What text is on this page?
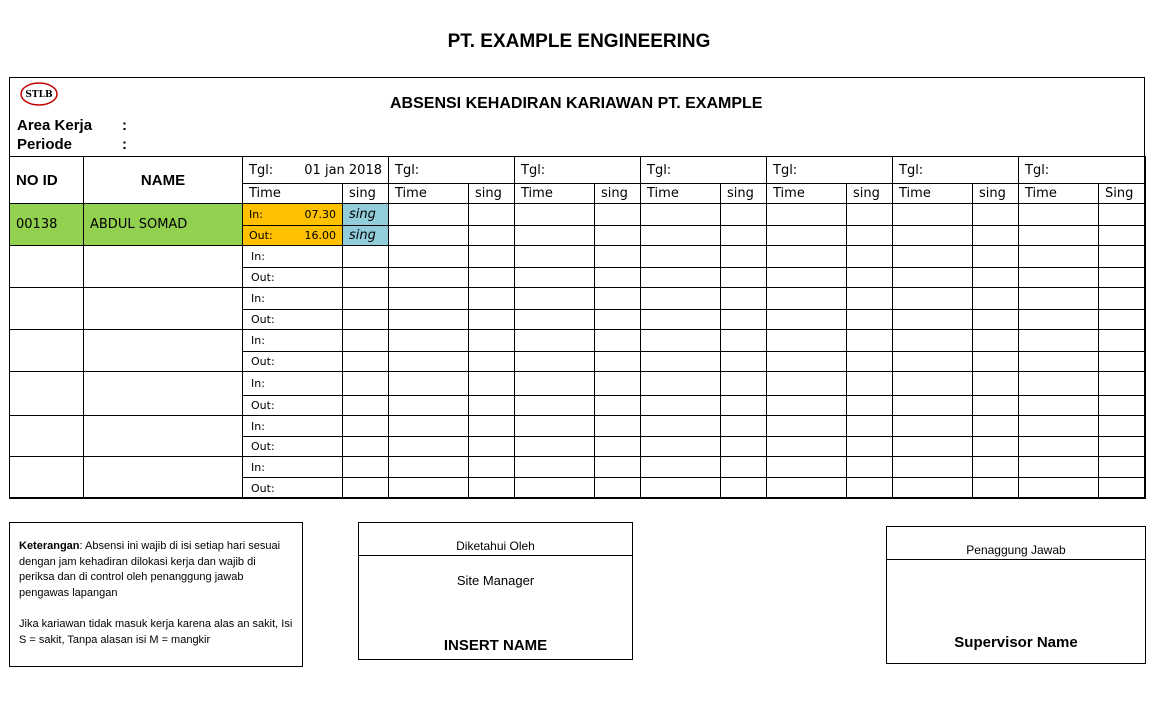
PT. EXAMPLE ENGINEERING
STLB	ABSENSI KEHADIRAN KARIAWAN PT. EXAMPLE
Area Kerja :
Periode	:
NO ID	NAME	Tgl: 01 jan 2018		Tgl:		Tgl:		Tgl:		Tgl:		Tgl:		Tgl:	
		Time	sing	Time	sing	Time	sing	Time	sing	Time	sing	Time	sing	Time	Sing
00138	ABDUL SOMAD	In: 07.30	sing												

		Out: 16.00	sing												
		In:													
		Out:													
		In:													
		Out:													
		In:													
		Out:													
		In:													
		Out:													
		In:													
		Out:													
		In:													
		Out:													
Keterangan: Absensi ini wajib di isi setiap hari sesuai dengan jam kehadiran dilokasi kerja dan wajib di periksa dan di control oleh penanggung jawab pengawas lapangan
Jika kariawan tidak masuk kerja karena alas an sakit, Isi S = sakit, Tanpa alasan isi M = mangkir
Diketahui Oleh
Site Manager
INSERT NAME
Penaggung Jawab
Supervisor Name
